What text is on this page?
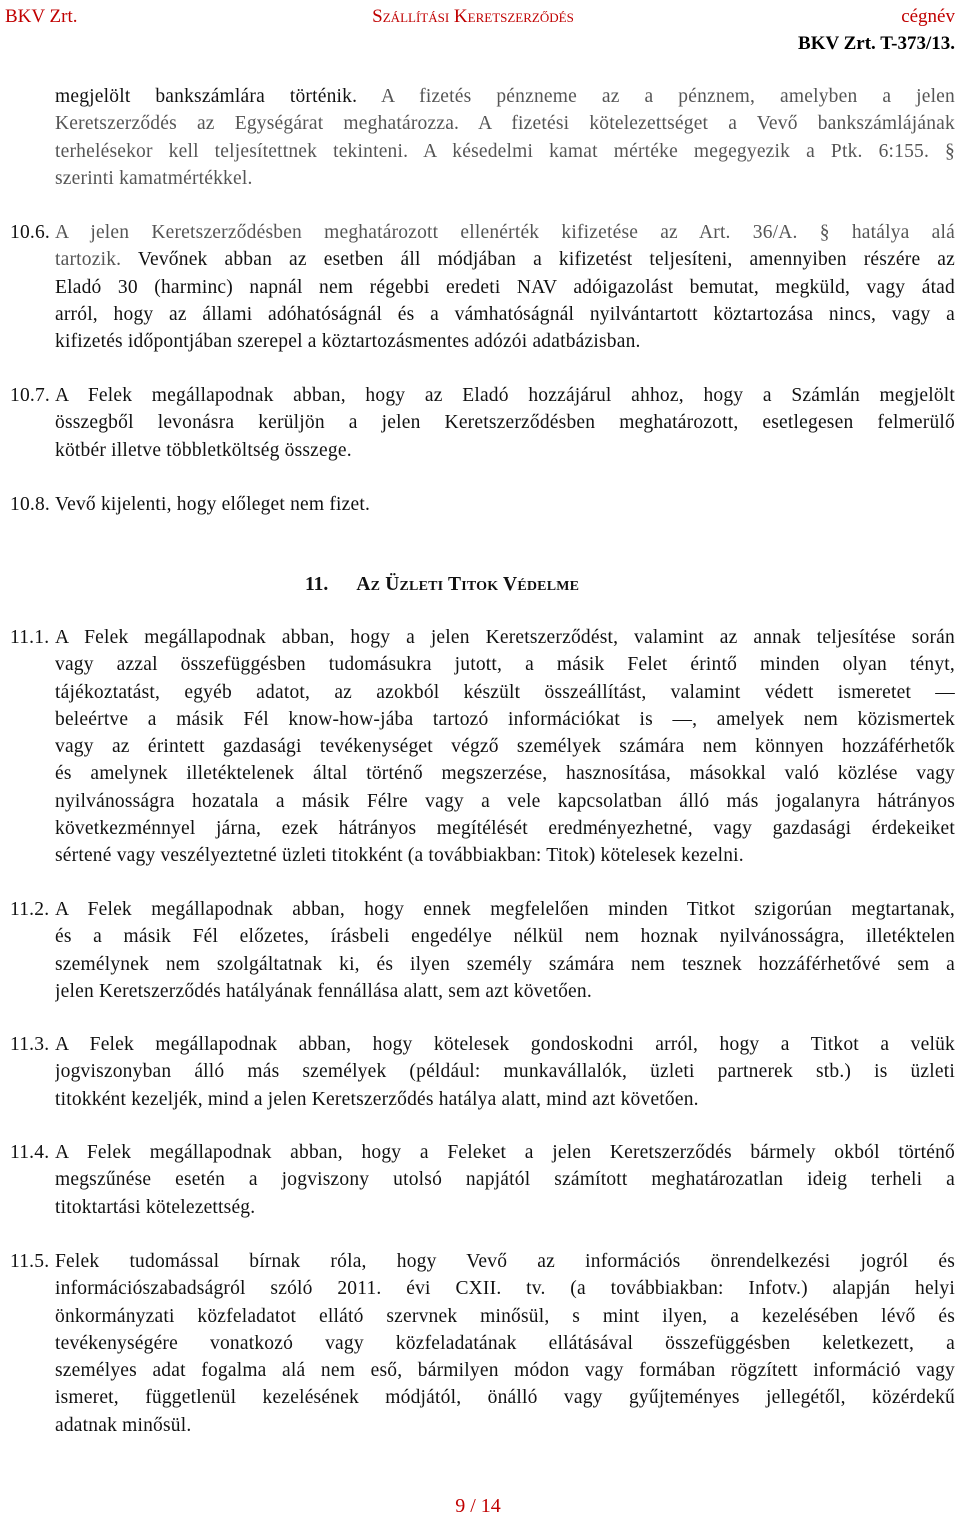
BKV Zrt.	Szállítási Keretszerződés	cégnév
BKV Zrt. T-373/13.
megjelölt bankszámlára történik. A fizetés pénzneme az a pénznem, amelyben a jelen
Keretszerződés az Egységárat meghatározza. A fizetési kötelezettséget a Vevő bankszámlájának
terhelésekor kell teljesítettnek tekinteni. A késedelmi kamat mértéke megegyezik a Ptk. 6:155. §
szerinti kamatmértékkel.
10.6. A jelen Keretszerződésben meghatározott ellenérték kifizetése az Art. 36/A. § hatálya alá
tartozik. Vevőnek abban az esetben áll módjában a kifizetést teljesíteni, amennyiben részére az
Eladó 30 (harminc) napnál nem régebbi eredeti NAV adóigazolást bemutat, megküld, vagy átad
arról, hogy az állami adóhatóságnál és a vámhatóságnál nyilvántartott köztartozása nincs, vagy a
kifizetés időpontjában szerepel a köztartozásmentes adózói adatbázisban.
10.7. A Felek megállapodnak abban, hogy az Eladó hozzájárul ahhoz, hogy a Számlán megjelölt
összegből levonásra kerüljön a jelen Keretszerződésben meghatározott, esetlegesen felmerülő
kötbér illetve többletköltség összege.
10.8. Vevő kijelenti, hogy előleget nem fizet.
11. Az Üzleti Titok Védelme
11.1. A Felek megállapodnak abban, hogy a jelen Keretszerződést, valamint az annak teljesítése során
vagy azzal összefüggésben tudomásukra jutott, a másik Felet érintő minden olyan tényt,
tájékoztatást, egyéb adatot, az azokból készült összeállítást, valamint védett ismeretet —
beleértve a másik Fél know-how-jába tartozó információkat is —, amelyek nem közismertek
vagy az érintett gazdasági tevékenységet végző személyek számára nem könnyen hozzáférhetők
és amelynek illetéktelenek által történő megszerzése, hasznosítása, másokkal való közlése vagy
nyilvánosságra hozatala a másik Félre vagy a vele kapcsolatban álló más jogalanyra hátrányos
következménnyel járna, ezek hátrányos megítélését eredményezhetné, vagy gazdasági érdekeiket
sértené vagy veszélyeztetné üzleti titokként (a továbbiakban: Titok) kötelesek kezelni.
11.2. A Felek megállapodnak abban, hogy ennek megfelelően minden Titkot szigorúan megtartanak,
és a másik Fél előzetes, írásbeli engedélye nélkül nem hoznak nyilvánosságra, illetéktelen
személynek nem szolgáltatnak ki, és ilyen személy számára nem tesznek hozzáférhetővé sem a
jelen Keretszerződés hatályának fennállása alatt, sem azt követően.
11.3. A Felek megállapodnak abban, hogy kötelesek gondoskodni arról, hogy a Titkot a velük
jogviszonyban álló más személyek (például: munkavállalók, üzleti partnerek stb.) is üzleti
titokként kezeljék, mind a jelen Keretszerződés hatálya alatt, mind azt követően.
11.4. A Felek megállapodnak abban, hogy a Feleket a jelen Keretszerződés bármely okból történő
megszűnése esetén a jogviszony utolsó napjától számított meghatározatlan ideig terheli a
titoktartási kötelezettség.
11.5. Felek tudomással bírnak róla, hogy Vevő az információs önrendelkezési jogról és
információszabadságról szóló 2011. évi CXII. tv. (a továbbiakban: Infotv.) alapján helyi
önkormányzati közfeladatot ellátó szervnek minősül, s mint ilyen, a kezelésében lévő és
tevékenységére vonatkozó vagy közfeladatának ellátásával összefüggésben keletkezett, a
személyes adat fogalma alá nem eső, bármilyen módon vagy formában rögzített információ vagy
ismeret, függetlenül kezelésének módjától, önálló vagy gyűjteményes jellegétől, közérdekű
adatnak minősül.
9 / 14
